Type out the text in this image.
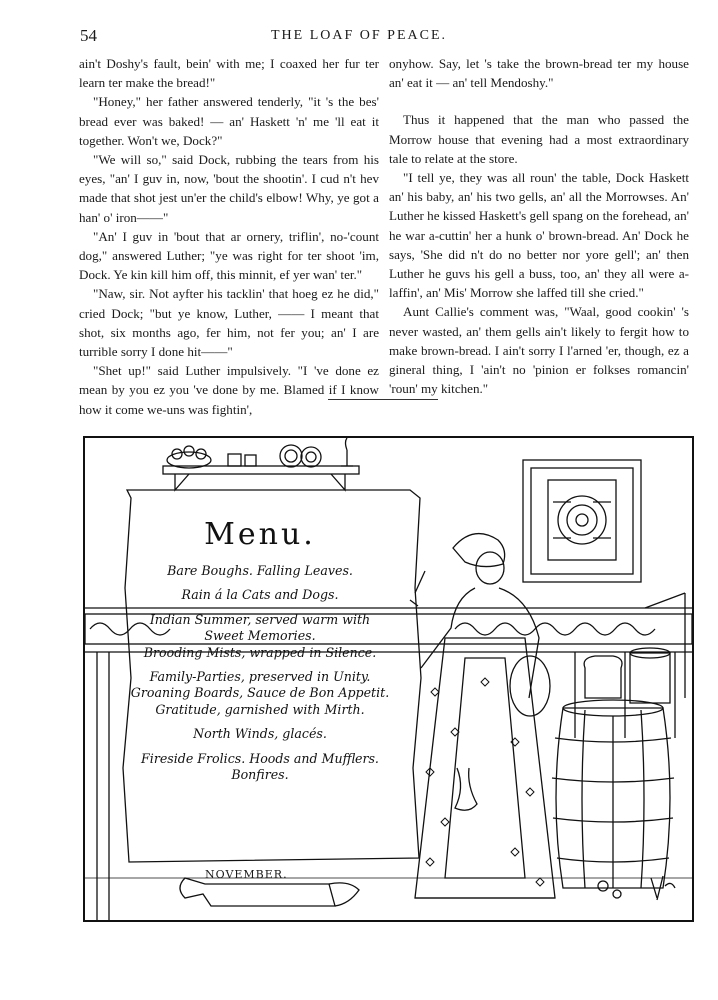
54	THE LOAF OF PEACE.

ain't Doshy's fault, bein' with me; I coaxed her fur ter learn ter make the bread!"

"Honey," her father answered tenderly, "it 's the bes' bread ever was baked! — an' Haskett 'n' me 'll eat it together. Won't we, Dock?"

"We will so," said Dock, rubbing the tears from his eyes, "an' I guv in, now, 'bout the shootin'. I cud n't hev made that shot jest un'er the child's elbow! Why, ye got a han' o' iron——"

"An' I guv in 'bout that ar ornery, triflin', no-'count dog," answered Luther; "ye was right for ter shoot 'im, Dock. Ye kin kill him off, this minnit, ef yer wan' ter."

"Naw, sir. Not ayfter his tacklin' that hoeg ez he did," cried Dock; "but ye know, Luther, —— I meant that shot, six months ago, fer him, not fer you; an' I are turrible sorry I done hit——"

"Shet up!" said Luther impulsively. "I 've done ez mean by you ez you 've done by me. Blamed if I know how it come we-uns was fightin',

onyhow. Say, let 's take the brown-bread ter my house an' eat it — an' tell Mendoshy."

Thus it happened that the man who passed the Morrow house that evening had a most extraordinary tale to relate at the store.

"I tell ye, they was all roun' the table, Dock Haskett an' his baby, an' his two gells, an' all the Morrowses. An' Luther he kissed Haskett's gell spang on the forehead, an' he war a-cuttin' her a hunk o' brown-bread. An' Dock he says, 'She did n't do no better nor yore gell'; an' then Luther he guvs his gell a buss, too, an' they all were a-laffin', an' Mis' Morrow she laffed till she cried."

Aunt Callie's comment was, "Waal, good cookin' 's never wasted, an' them gells ain't likely to fergit how to make brown-bread. I ain't sorry I l'arned 'er, though, ez a gineral thing, I 'ain't no 'pinion er folkses romancin' 'roun' my kitchen."

Menu.
Bare Boughs. Falling Leaves.
Rain á la Cats and Dogs.
Indian Summer, served warm with
Sweet Memories.
Brooding Mists, wrapped in Silence.
Family-Parties, preserved in Unity.
Groaning Boards, Sauce de Bon Appetit.
Gratitude, garnished with Mirth.
North Winds, glacés.
Fireside Frolics. Hoods and Mufflers.
Bonfires.
NOVEMBER.
